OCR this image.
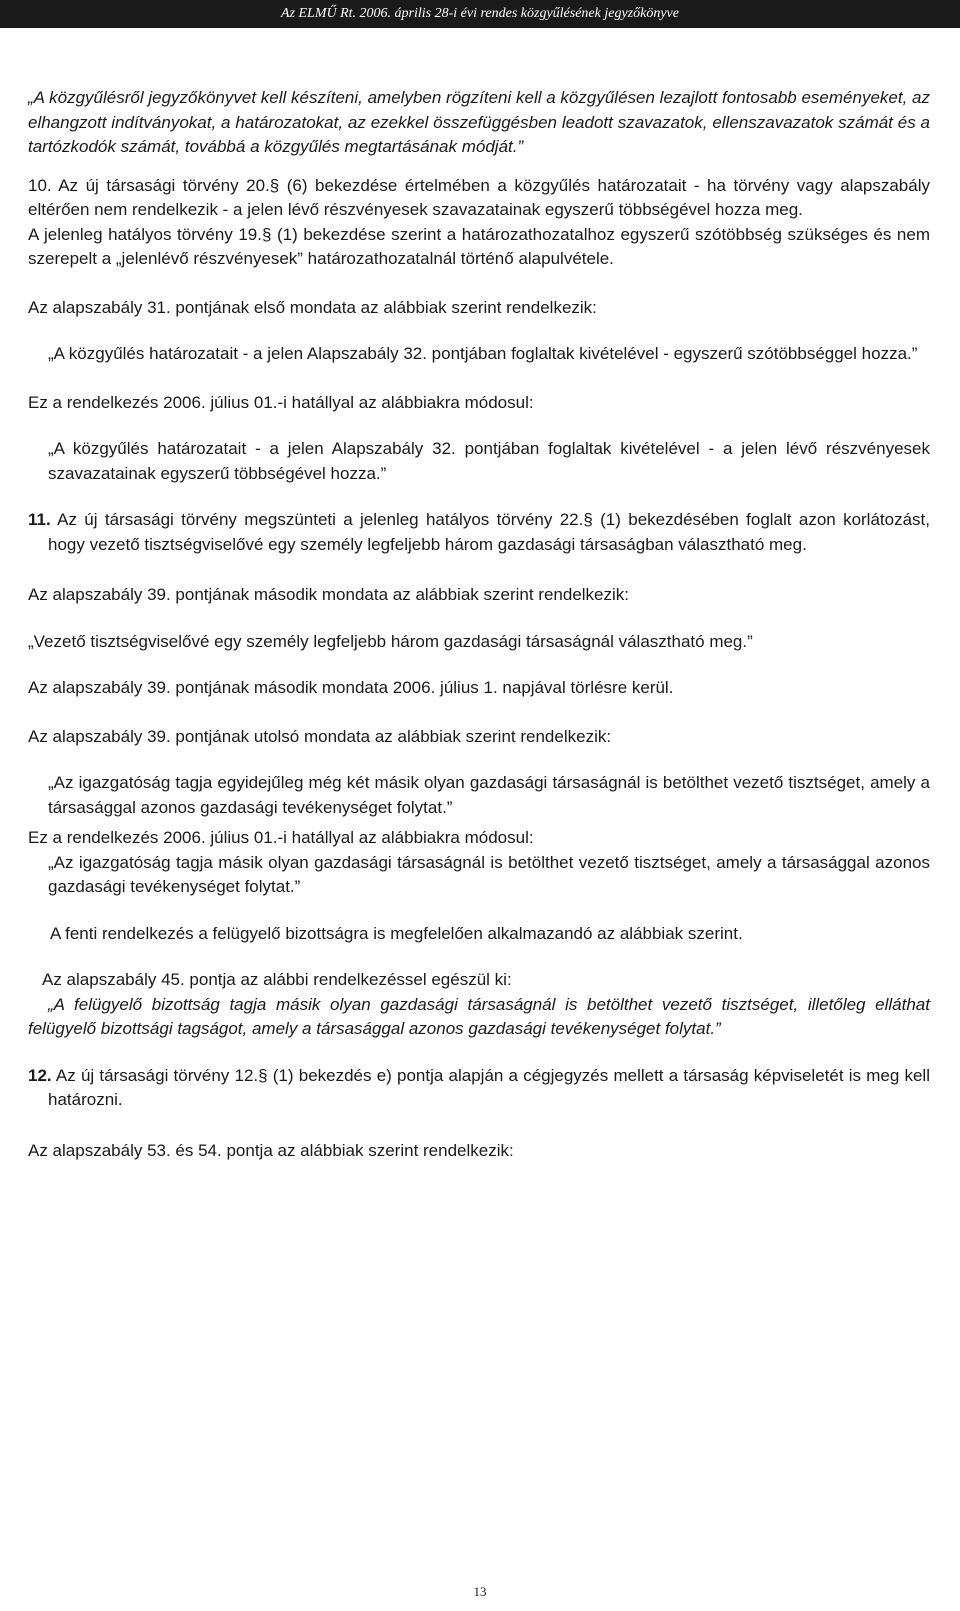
Az ELMŰ Rt. 2006. április 28-i évi rendes közgyűlésének jegyzőkönyve

„A közgyűlésről jegyzőkönyvet kell készíteni, amelyben rögzíteni kell a közgyűlésen lezajlott fontosabb eseményeket, az elhangzott indítványokat, a határozatokat, az ezekkel összefüggésben leadott szavazatok, ellenszavazatok számát és a tartózkodók számát, továbbá a közgyűlés megtartásának módját.”

10. Az új társasági törvény 20.§ (6) bekezdése értelmében a közgyűlés határozatait - ha törvény vagy alapszabály eltérően nem rendelkezik - a jelen lévő részvényesek szavazatainak egyszerű többségével hozza meg.

A jelenleg hatályos törvény 19.§ (1) bekezdése szerint a határozathozatalhoz egyszerű szótöbbség szükséges és nem szerepelt a „jelenlévő részvényesek” határozathozatalnál történő alapulvétele.

Az alapszabály 31. pontjának első mondata az alábbiak szerint rendelkezik:

„A közgyűlés határozatait - a jelen Alapszabály 32. pontjában foglaltak kivételével - egyszerű szótöbbséggel hozza.”

Ez a rendelkezés 2006. július 01.-i hatállyal az alábbiakra módosul:

„A közgyűlés határozatait - a jelen Alapszabály 32. pontjában foglaltak kivételével - a jelen lévő részvényesek szavazatainak egyszerű többségével hozza.”

11. Az új társasági törvény megszünteti a jelenleg hatályos törvény 22.§ (1) bekezdésében foglalt azon korlátozást, hogy vezető tisztségviselővé egy személy legfeljebb három gazdasági társaságban választható meg.

Az alapszabály 39. pontjának második mondata az alábbiak szerint rendelkezik:

„Vezető tisztségviselővé egy személy legfeljebb három gazdasági társaságnál választható meg.”

Az alapszabály 39. pontjának második mondata 2006. július 1. napjával törlésre kerül.

Az alapszabály 39. pontjának utolsó mondata az alábbiak szerint rendelkezik:

„Az igazgatóság tagja egyidejűleg még két másik olyan gazdasági társaságnál is betölthet vezető tisztséget, amely a társasággal azonos gazdasági tevékenységet folytat.”

Ez a rendelkezés 2006. július 01.-i hatállyal az alábbiakra módosul:

„Az igazgatóság tagja másik olyan gazdasági társaságnál is betölthet vezető tisztséget, amely a társasággal azonos gazdasági tevékenységet folytat.”

A fenti rendelkezés a felügyelő bizottságra is megfelelően alkalmazandó az alábbiak szerint.

Az alapszabály 45. pontja az alábbi rendelkezéssel egészül ki:

„A felügyelő bizottság tagja másik olyan gazdasági társaságnál is betölthet vezető tisztséget, illetőleg elláthat felügyelő bizottsági tagságot, amely a társasággal azonos gazdasági tevékenységet folytat.”

12. Az új társasági törvény 12.§ (1) bekezdés e) pontja alapján a cégjegyzés mellett a társaság képviseletét is meg kell határozni.

Az alapszabály 53. és 54. pontja az alábbiak szerint rendelkezik:

13
